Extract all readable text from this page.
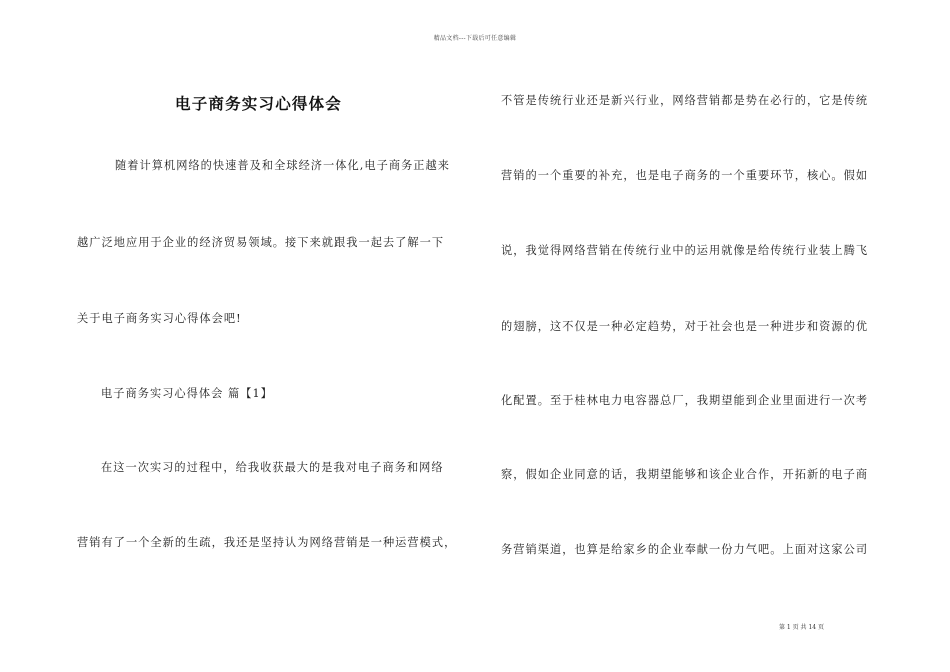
精品文档---下载后可任意编辑
电子商务实习心得体会
随着计算机网络的快速普及和全球经济一体化,电子商务正越来
越广泛地应用于企业的经济贸易领域。接下来就跟我一起去了解一下
关于电子商务实习心得体会吧!
电子商务实习心得体会 篇【1】
在这一次实习的过程中，给我收获最大的是我对电子商务和网络
营销有了一个全新的生疏，我还是坚持认为网络营销是一种运营模式，
不管是传统行业还是新兴行业，网络营销都是势在必行的，它是传统
营销的一个重要的补充，也是电子商务的一个重要环节，核心。假如
说，我觉得网络营销在传统行业中的运用就像是给传统行业装上腾飞
的翅膀，这不仅是一种必定趋势，对于社会也是一种进步和资源的优
化配置。至于桂林电力电容器总厂，我期望能到企业里面进行一次考
察，假如企业同意的话，我期望能够和该企业合作，开拓新的电子商
务营销渠道，也算是给家乡的企业奉献一份力气吧。上面对这家公司
第 1 页 共 14 页
